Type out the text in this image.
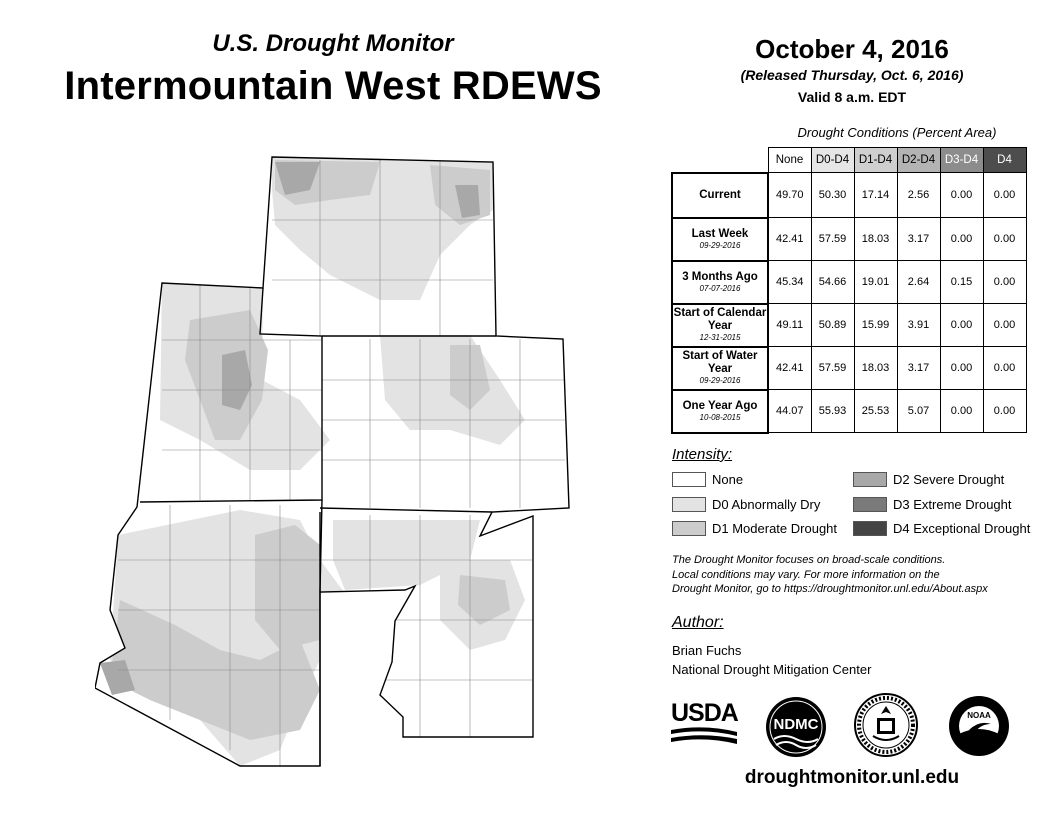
U.S. Drought Monitor
Intermountain West RDEWS
October 4, 2016
(Released Thursday, Oct. 6, 2016)
Valid 8 a.m. EDT
Drought Conditions (Percent Area)
	None	D0-D4	D1-D4	D2-D4	D3-D4	D4
Current	49.70	50.30	17.14	2.56	0.00	0.00
Last Week
09-29-2016	42.41	57.59	18.03	3.17	0.00	0.00
3 Months Ago
07-07-2016	45.34	54.66	19.01	2.64	0.15	0.00
Start of Calendar Year
12-31-2015	49.11	50.89	15.99	3.91	0.00	0.00
Start of Water Year
09-29-2016	42.41	57.59	18.03	3.17	0.00	0.00
One Year Ago
10-08-2015	44.07	55.93	25.53	5.07	0.00	0.00
Intensity:
None
D0 Abnormally Dry
D1 Moderate Drought
D2 Severe Drought
D3 Extreme Drought
D4 Exceptional Drought
The Drought Monitor focuses on broad-scale conditions.
Local conditions may vary. For more information on the
Drought Monitor, go to https://droughtmonitor.unl.edu/About.aspx
Author:
Brian Fuchs
National Drought Mitigation Center
USDA NDMC
NOAA
droughtmonitor.unl.edu
